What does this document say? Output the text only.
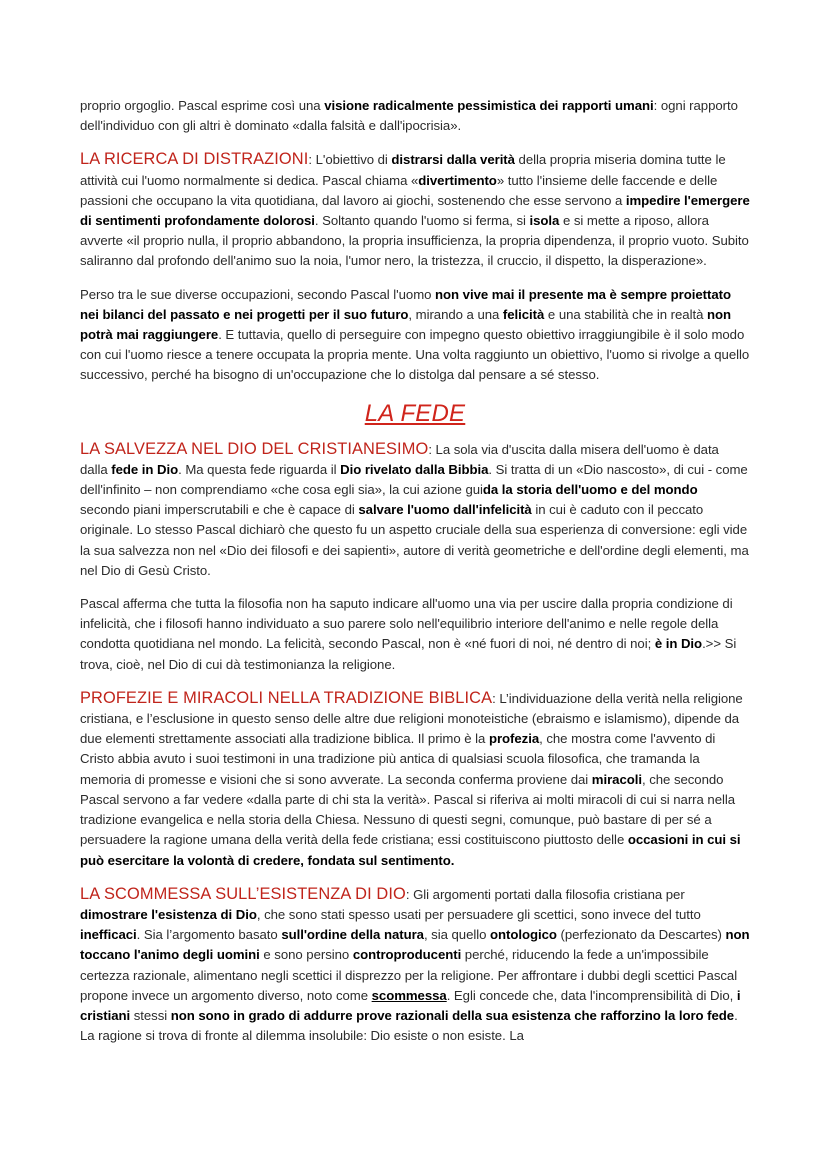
proprio orgoglio. Pascal esprime così una visione radicalmente pessimistica dei rapporti umani: ogni rapporto dell'individuo con gli altri è dominato «dalla falsità e dall'ipocrisia».

LA RICERCA DI DISTRAZIONI: L'obiettivo di distrarsi dalla verità della propria miseria domina tutte le attività cui l'uomo normalmente si dedica. Pascal chiama «divertimento» tutto l'insieme delle faccende e delle passioni che occupano la vita quotidiana, dal lavoro ai giochi, sostenendo che esse servono a impedire l'emergere di sentimenti profondamente dolorosi. Soltanto quando l'uomo si ferma, si isola e si mette a riposo, allora avverte «il proprio nulla, il proprio abbandono, la propria insufficienza, la propria dipendenza, il proprio vuoto. Subito saliranno dal profondo dell'animo suo la noia, l'umor nero, la tristezza, il cruccio, il dispetto, la disperazione».

Perso tra le sue diverse occupazioni, secondo Pascal l'uomo non vive mai il presente ma è sempre proiettato nei bilanci del passato e nei progetti per il suo futuro, mirando a una felicità e una stabilità che in realtà non potrà mai raggiungere. E tuttavia, quello di perseguire con impegno questo obiettivo irraggiungibile è il solo modo con cui l'uomo riesce a tenere occupata la propria mente. Una volta raggiunto un obiettivo, l'uomo si rivolge a quello successivo, perché ha bisogno di un'occupazione che lo distolga dal pensare a sé stesso.

LA FEDE

LA SALVEZZA NEL DIO DEL CRISTIANESIMO: La sola via d'uscita dalla misera dell'uomo è data dalla fede in Dio. Ma questa fede riguarda il Dio rivelato dalla Bibbia. Si tratta di un «Dio nascosto», di cui - come dell'infinito – non comprendiamo «che cosa egli sia», la cui azione guida la storia dell'uomo e del mondo secondo piani imperscrutabili e che è capace di salvare l'uomo dall'infelicità in cui è caduto con il peccato originale. Lo stesso Pascal dichiarò che questo fu un aspetto cruciale della sua esperienza di conversione: egli vide la sua salvezza non nel «Dio dei filosofi e dei sapienti», autore di verità geometriche e dell'ordine degli elementi, ma nel Dio di Gesù Cristo.

Pascal afferma che tutta la filosofia non ha saputo indicare all'uomo una via per uscire dalla propria condizione di infelicità, che i filosofi hanno individuato a suo parere solo nell'equilibrio interiore dell'animo e nelle regole della condotta quotidiana nel mondo. La felicità, secondo Pascal, non è «né fuori di noi, né dentro di noi; è in Dio.>> Si trova, cioè, nel Dio di cui dà testimonianza la religione.

PROFEZIE E MIRACOLI NELLA TRADIZIONE BIBLICA: L’individuazione della verità nella religione cristiana, e l’esclusione in questo senso delle altre due religioni monoteistiche (ebraismo e islamismo), dipende da due elementi strettamente associati alla tradizione biblica. Il primo è la profezia, che mostra come l'avvento di Cristo abbia avuto i suoi testimoni in una tradizione più antica di qualsiasi scuola filosofica, che tramanda la memoria di promesse e visioni che si sono avverate. La seconda conferma proviene dai miracoli, che secondo Pascal servono a far vedere «dalla parte di chi sta la verità». Pascal si riferiva ai molti miracoli di cui si narra nella tradizione evangelica e nella storia della Chiesa. Nessuno di questi segni, comunque, può bastare di per sé a persuadere la ragione umana della verità della fede cristiana; essi costituiscono piuttosto delle occasioni in cui si può esercitare la volontà di credere, fondata sul sentimento.

LA SCOMMESSA SULL’ESISTENZA DI DIO: Gli argomenti portati dalla filosofia cristiana per dimostrare l'esistenza di Dio, che sono stati spesso usati per persuadere gli scettici, sono invece del tutto inefficaci. Sia l’argomento basato sull'ordine della natura, sia quello ontologico (perfezionato da Descartes) non toccano l'animo degli uomini e sono persino controproducenti perché, riducendo la fede a un'impossibile certezza razionale, alimentano negli scettici il disprezzo per la religione. Per affrontare i dubbi degli scettici Pascal propone invece un argomento diverso, noto come scommessa. Egli concede che, data l'incomprensibilità di Dio, i cristiani stessi non sono in grado di addurre prove razionali della sua esistenza che rafforzino la loro fede. La ragione si trova di fronte al dilemma insolubile: Dio esiste o non esiste. La
